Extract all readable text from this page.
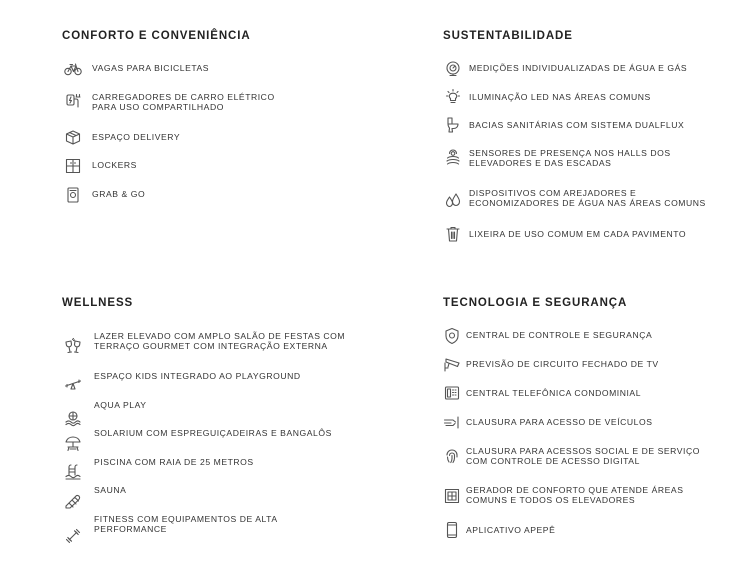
CONFORTO E CONVENIÊNCIA
VAGAS PARA BICICLETAS
CARREGADORES DE CARRO ELÉTRICO
PARA USO COMPARTILHADO
ESPAÇO DELIVERY
LOCKERS
GRAB & GO
SUSTENTABILIDADE
MEDIÇÕES INDIVIDUALIZADAS DE ÁGUA E GÁS
ILUMINAÇÃO LED NAS ÁREAS COMUNS
BACIAS SANITÁRIAS COM SISTEMA DUALFLUX
SENSORES DE PRESENÇA NOS HALLS DOS
ELEVADORES E DAS ESCADAS
DISPOSITIVOS COM AREJADORES E
ECONOMIZADORES DE ÁGUA NAS ÁREAS COMUNS
LIXEIRA DE USO COMUM EM CADA PAVIMENTO
WELLNESS
LAZER ELEVADO COM AMPLO SALÃO DE FESTAS COM
TERRAÇO GOURMET COM INTEGRAÇÃO EXTERNA
ESPAÇO KIDS INTEGRADO AO PLAYGROUND
AQUA PLAY
SOLARIUM COM ESPREGUIÇADEIRAS E BANGALÔS
PISCINA COM RAIA DE 25 METROS
SAUNA
FITNESS COM EQUIPAMENTOS DE ALTA
PERFORMANCE
TECNOLOGIA E SEGURANÇA
CENTRAL DE CONTROLE E SEGURANÇA
PREVISÃO DE CIRCUITO FECHADO DE TV
CENTRAL TELEFÔNICA CONDOMINIAL
CLAUSURA PARA ACESSO DE VEÍCULOS
CLAUSURA PARA ACESSOS SOCIAL E DE SERVIÇO
COM CONTROLE DE ACESSO DIGITAL
GERADOR DE CONFORTO QUE ATENDE ÁREAS
COMUNS E TODOS OS ELEVADORES
APLICATIVO APEPÊ
